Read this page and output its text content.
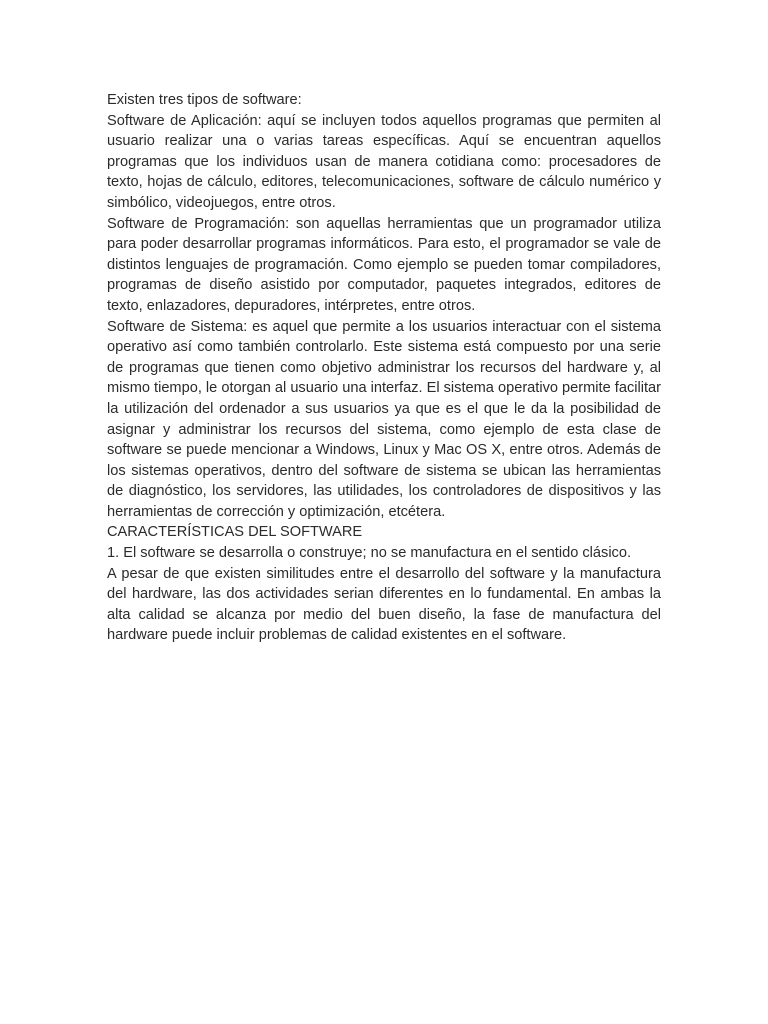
Existen tres tipos de software:

Software de Aplicación: aquí se incluyen todos aquellos programas que permiten al usuario realizar una o varias tareas específicas. Aquí se encuentran aquellos programas que los individuos usan de manera cotidiana como: procesadores de texto, hojas de cálculo, editores, telecomunicaciones, software de cálculo numérico y simbólico, videojuegos, entre otros.

Software de Programación: son aquellas herramientas que un programador utiliza para poder desarrollar programas informáticos. Para esto, el programador se vale de distintos lenguajes de programación. Como ejemplo se pueden tomar compiladores, programas de diseño asistido por computador, paquetes integrados, editores de texto, enlazadores, depuradores, intérpretes, entre otros.

Software de Sistema: es aquel que permite a los usuarios interactuar con el sistema operativo así como también controlarlo. Este sistema está compuesto por una serie de programas que tienen como objetivo administrar los recursos del hardware y, al mismo tiempo, le otorgan al usuario una interfaz. El sistema operativo permite facilitar la utilización del ordenador a sus usuarios ya que es el que le da la posibilidad de asignar y administrar los recursos del sistema, como ejemplo de esta clase de software se puede mencionar a Windows, Linux y Mac OS X, entre otros. Además de los sistemas operativos, dentro del software de sistema se ubican las herramientas de diagnóstico, los servidores, las utilidades, los controladores de dispositivos y las herramientas de corrección y optimización, etcétera.

CARACTERÍSTICAS DEL SOFTWARE

1. El software se desarrolla o construye; no se manufactura en el sentido clásico.

A pesar de que existen similitudes entre el desarrollo del software y la manufactura del hardware, las dos actividades serian diferentes en lo fundamental. En ambas la alta calidad se alcanza por medio del buen diseño, la fase de manufactura del hardware puede incluir problemas de calidad existentes en el software.
